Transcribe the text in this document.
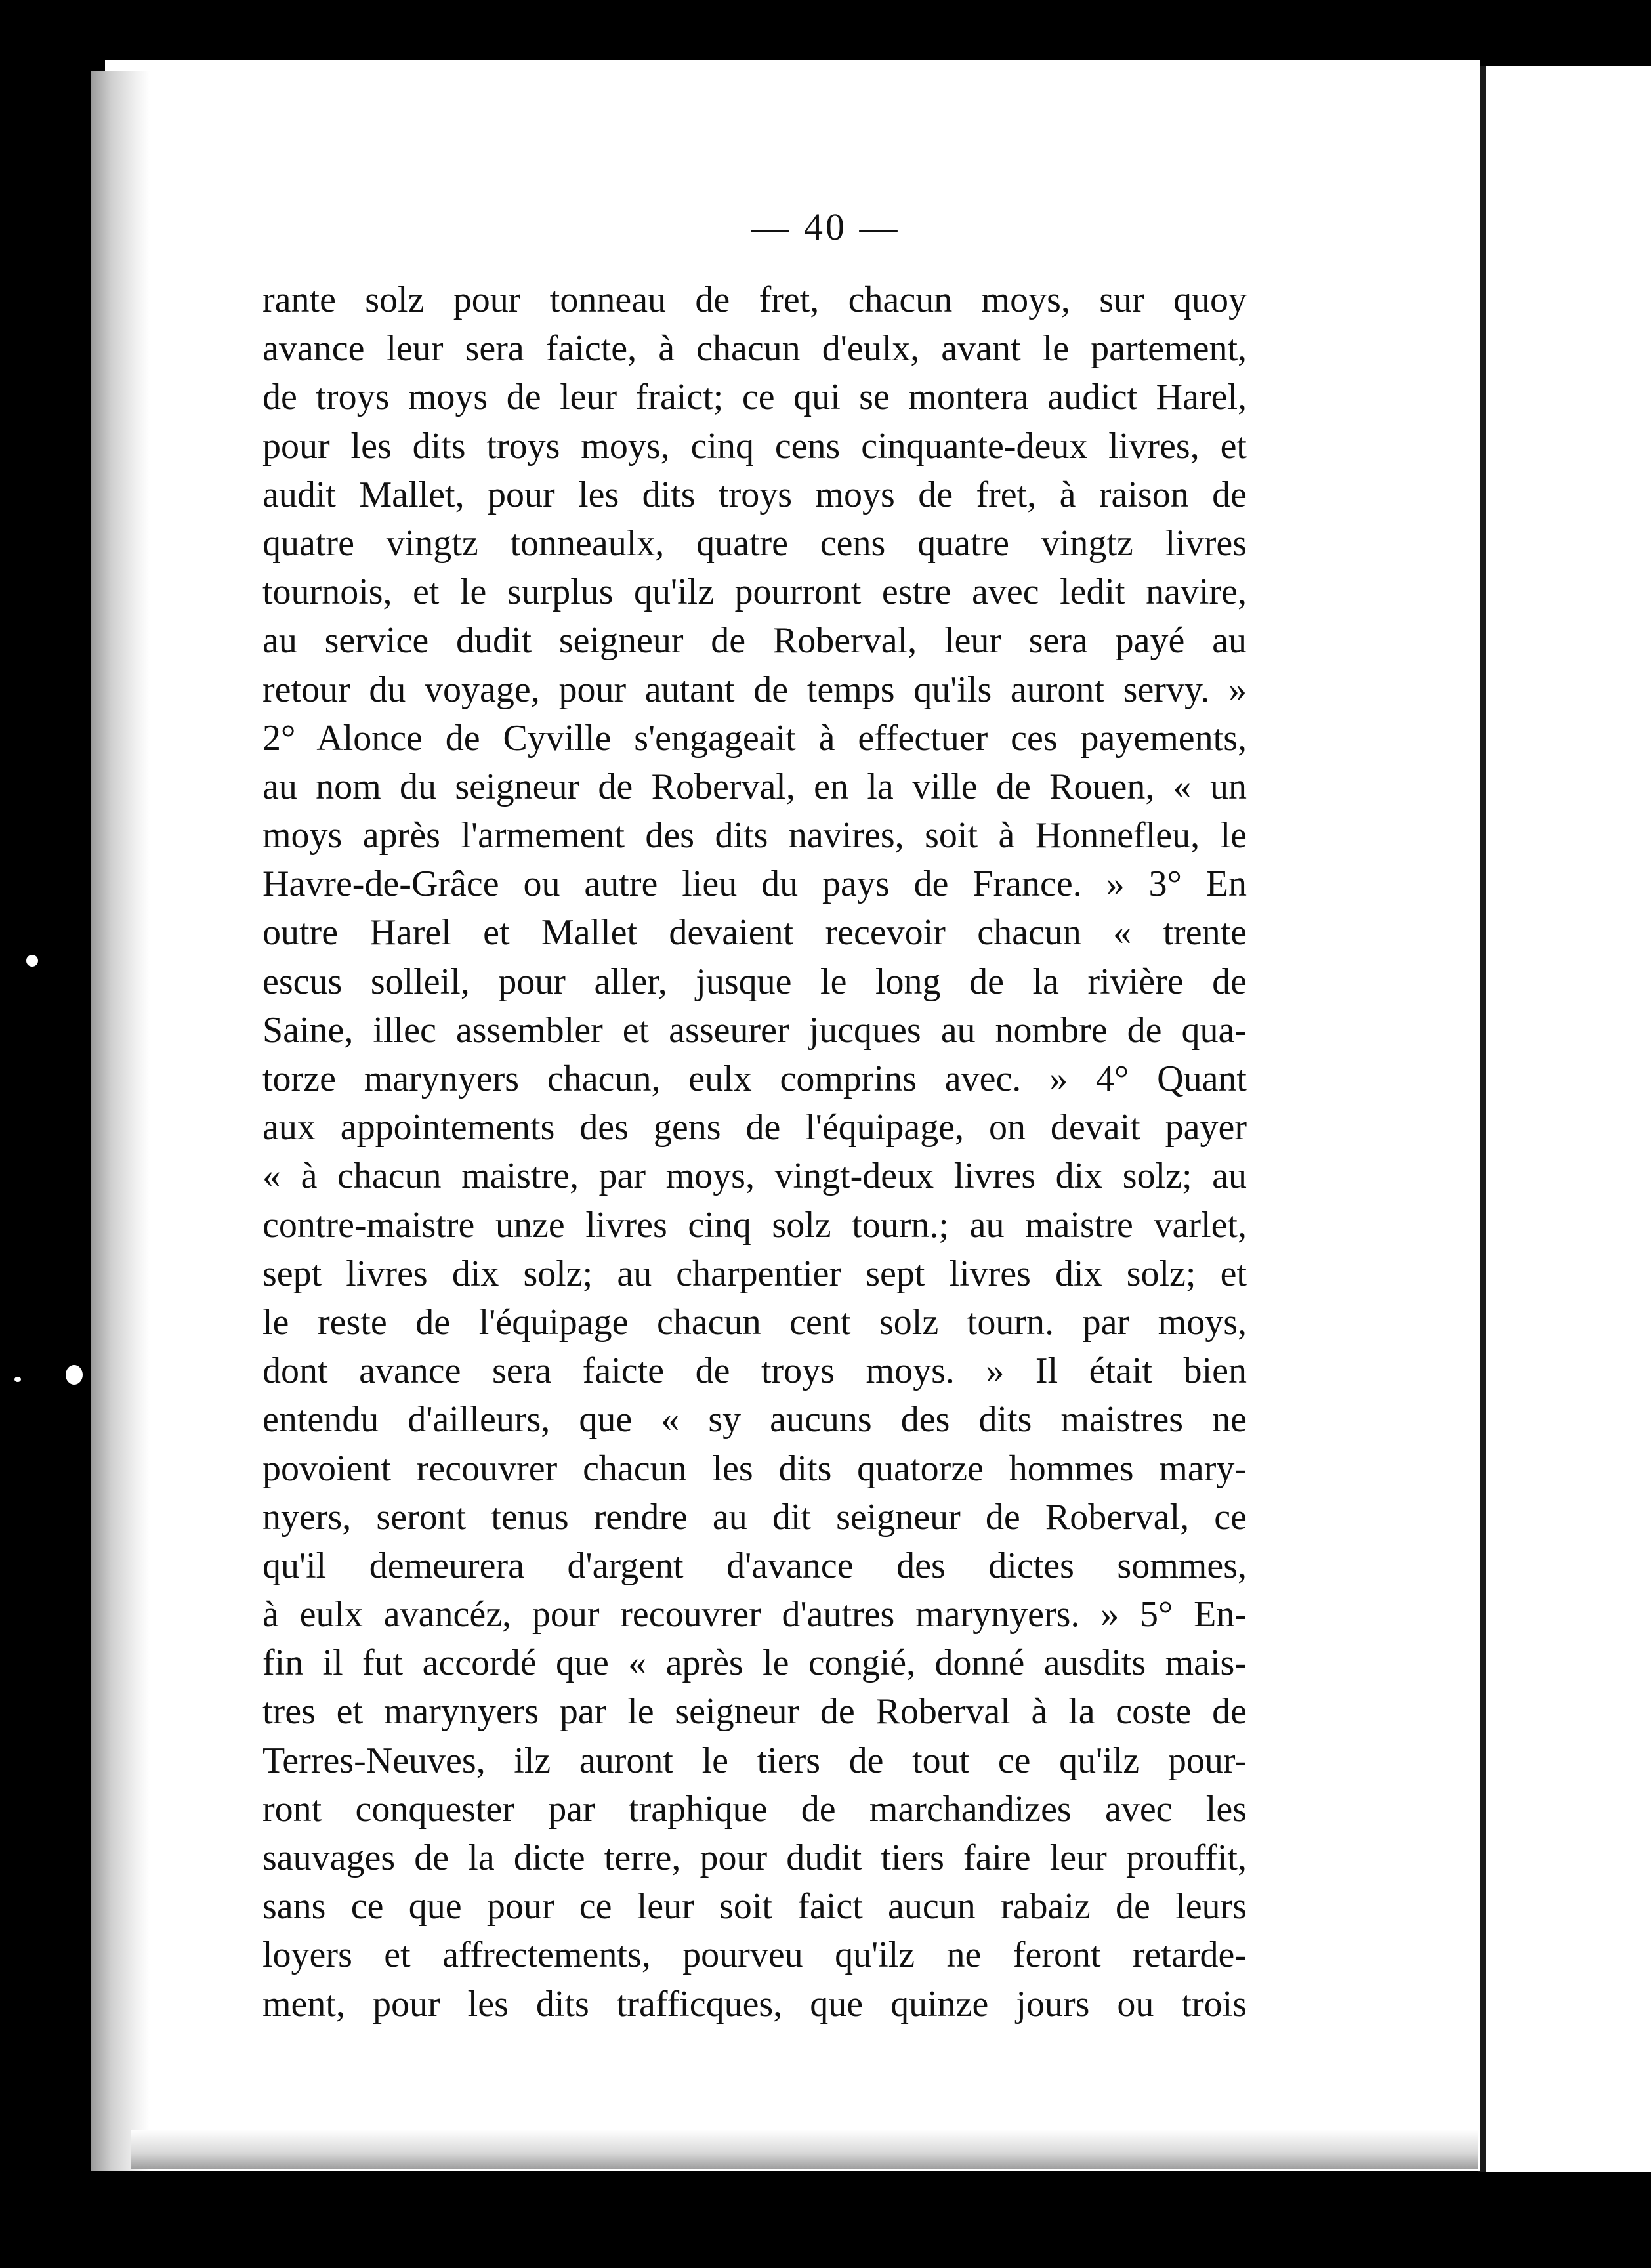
— 40 —
rante solz pour tonneau de fret, chacun moys, sur quoy
avance leur sera faicte, à chacun d'eulx, avant le partement,
de troys moys de leur fraict; ce qui se montera audict Harel,
pour les dits troys moys, cinq cens cinquante-deux livres, et
audit Mallet, pour les dits troys moys de fret, à raison de
quatre vingtz tonneaulx, quatre cens quatre vingtz livres
tournois, et le surplus qu'ilz pourront estre avec ledit navire,
au service dudit seigneur de Roberval, leur sera payé au
retour du voyage, pour autant de temps qu'ils auront servy. »
2° Alonce de Cyville s'engageait à effectuer ces payements,
au nom du seigneur de Roberval, en la ville de Rouen, « un
moys après l'armement des dits navires, soit à Honnefleu, le
Havre-de-Grâce ou autre lieu du pays de France. » 3° En
outre Harel et Mallet devaient recevoir chacun « trente
escus solleil, pour aller, jusque le long de la rivière de
Saine, illec assembler et asseurer jucques au nombre de qua-
torze marynyers chacun, eulx comprins avec. » 4° Quant
aux appointements des gens de l'équipage, on devait payer
« à chacun maistre, par moys, vingt-deux livres dix solz; au
contre-maistre unze livres cinq solz tourn.; au maistre varlet,
sept livres dix solz; au charpentier sept livres dix solz; et
le reste de l'équipage chacun cent solz tourn. par moys,
dont avance sera faicte de troys moys. » Il était bien
entendu d'ailleurs, que « sy aucuns des dits maistres ne
povoient recouvrer chacun les dits quatorze hommes mary-
nyers, seront tenus rendre au dit seigneur de Roberval, ce
qu'il demeurera d'argent d'avance des dictes sommes,
à eulx avancéz, pour recouvrer d'autres marynyers. » 5° En-
fin il fut accordé que « après le congié, donné ausdits mais-
tres et marynyers par le seigneur de Roberval à la coste de
Terres-Neuves, ilz auront le tiers de tout ce qu'ilz pour-
ront conquester par traphique de marchandizes avec les
sauvages de la dicte terre, pour dudit tiers faire leur prouffit,
sans ce que pour ce leur soit faict aucun rabaiz de leurs
loyers et affrectements, pourveu qu'ilz ne feront retarde-
ment, pour les dits trafficques, que quinze jours ou trois
